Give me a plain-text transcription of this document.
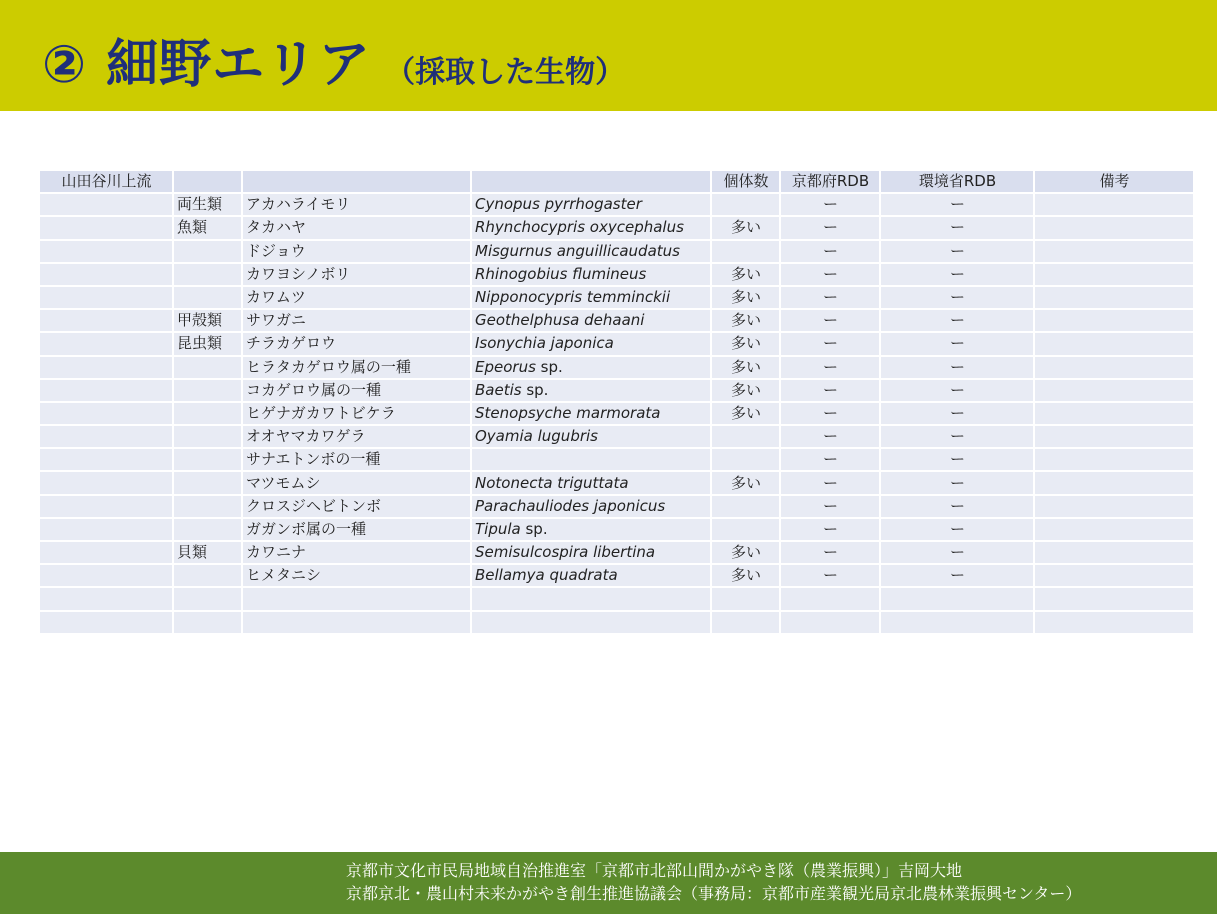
② 細野エリア （採取した生物）
山田谷川上流				個体数	京都府RDB	環境省RDB	備考
	両生類	アカハライモリ	Cynopus pyrrhogaster		ー	ー	
	魚類	タカハヤ	Rhynchocypris oxycephalus	多い	ー	ー	
		ドジョウ	Misgurnus anguillicaudatus		ー	ー	
		カワヨシノボリ	Rhinogobius flumineus	多い	ー	ー	
		カワムツ	Nipponocypris temminckii	多い	ー	ー	
	甲殻類	サワガニ	Geothelphusa dehaani	多い	ー	ー	
	昆虫類	チラカゲロウ	Isonychia japonica	多い	ー	ー	
		ヒラタカゲロウ属の一種	Epeorus sp.	多い	ー	ー	
		コカゲロウ属の一種	Baetis sp.	多い	ー	ー	
		ヒゲナガカワトビケラ	Stenopsyche marmorata	多い	ー	ー	
		オオヤマカワゲラ	Oyamia lugubris		ー	ー	
		サナエトンボの一種			ー	ー	
		マツモムシ	Notonecta triguttata	多い	ー	ー	
		クロスジヘビトンボ	Parachauliodes japonicus		ー	ー	
		ガガンボ属の一種	Tipula sp.		ー	ー	
	貝類	カワニナ	Semisulcospira libertina	多い	ー	ー	
		ヒメタニシ	Bellamya quadrata	多い	ー	ー	

京都市文化市民局地域自治推進室「京都市北部山間かがやき隊（農業振興）」吉岡大地
京都京北・農山村未来かがやき創生推進協議会（事務局：京都市産業観光局京北農林業振興センター）
